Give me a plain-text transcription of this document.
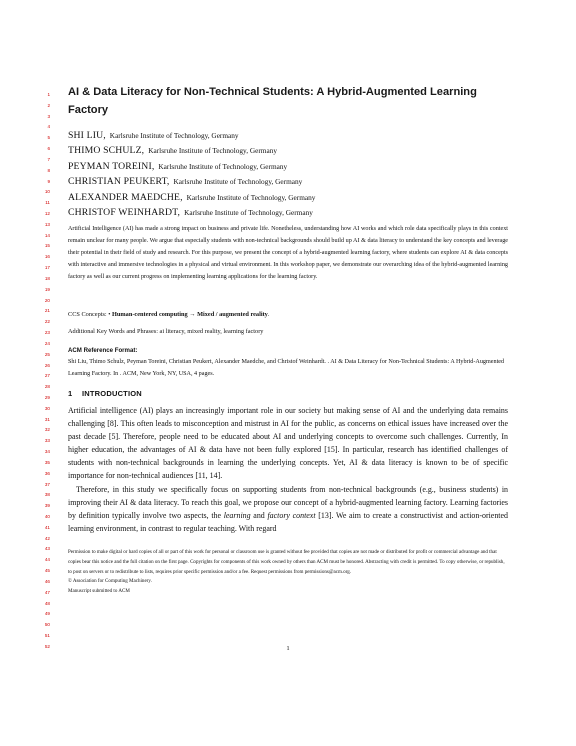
1
2
3
4
5
6
7
8
9
10
11
12
13
14
15
16
17
18
19
20
21
22
23
24
25
26
27
28
29
30
31
32
33
34
35
36
37
38
39
40
41
42
43
44
45
46
47
48
49
50
51
52
AI & Data Literacy for Non-Technical Students: A Hybrid-Augmented Learning Factory
SHI LIU, Karlsruhe Institute of Technology, Germany
THIMO SCHULZ, Karlsruhe Institute of Technology, Germany
PEYMAN TOREINI, Karlsruhe Institute of Technology, Germany
CHRISTIAN PEUKERT, Karlsruhe Institute of Technology, Germany
ALEXANDER MAEDCHE, Karlsruhe Institute of Technology, Germany
CHRISTOF WEINHARDT, Karlsruhe Institute of Technology, Germany
Artificial Intelligence (AI) has made a strong impact on business and private life. Nonetheless, understanding how AI works and which role data specifically plays in this context remain unclear for many people. We argue that especially students with non-technical backgrounds should build up AI & data literacy to understand the key concepts and leverage their potential in their field of study and research. For this purpose, we present the concept of a hybrid-augmented learning factory, where students can explore AI & data concepts with interactive and immersive technologies in a physical and virtual environment. In this workshop paper, we demonstrate our overarching idea of the hybrid-augmented learning factory as well as our current progress on implementing learning applications for the learning factory.
CCS Concepts: • Human-centered computing → Mixed / augmented reality.
Additional Key Words and Phrases: ai literacy, mixed reality, learning factory
ACM Reference Format:
Shi Liu, Thimo Schulz, Peyman Toreini, Christian Peukert, Alexander Maedche, and Christof Weinhardt. . AI & Data Literacy for Non-Technical Students: A Hybrid-Augmented Learning Factory. In . ACM, New York, NY, USA, 4 pages.
1 INTRODUCTION

Artificial intelligence (AI) plays an increasingly important role in our society but making sense of AI and the underlying data remains challenging [8]. This often leads to misconception and mistrust in AI for the public, as concerns on ethical issues have increased over the past decade [5]. Therefore, people need to be educated about AI and underlying concepts to overcome such challenges. Currently, In higher education, the advantages of AI & data have not been fully explored [15]. In particular, research has identified challenges of students with non-technical backgrounds in learning the underlying concepts. Yet, AI & data literacy is known to be of specific importance for non-technical audiences [11, 14].

Therefore, in this study we specifically focus on supporting students from non-technical backgrounds (e.g., business students) in improving their AI & data literacy. To reach this goal, we propose our concept of a hybrid-augmented learning factory. Learning factories by definition typically involve two aspects, the learning and factory context [13]. We aim to create a constructivist and action-oriented learning environment, in contrast to regular teaching. With regard

Permission to make digital or hard copies of all or part of this work for personal or classroom use is granted without fee provided that copies are not made or distributed for profit or commercial advantage and that copies bear this notice and the full citation on the first page. Copyrights for components of this work owned by others than ACM must be honored. Abstracting with credit is permitted. To copy otherwise, or republish, to post on servers or to redistribute to lists, requires prior specific permission and/or a fee. Request permissions from permissions@acm.org.
© Association for Computing Machinery.
Manuscript submitted to ACM
1
